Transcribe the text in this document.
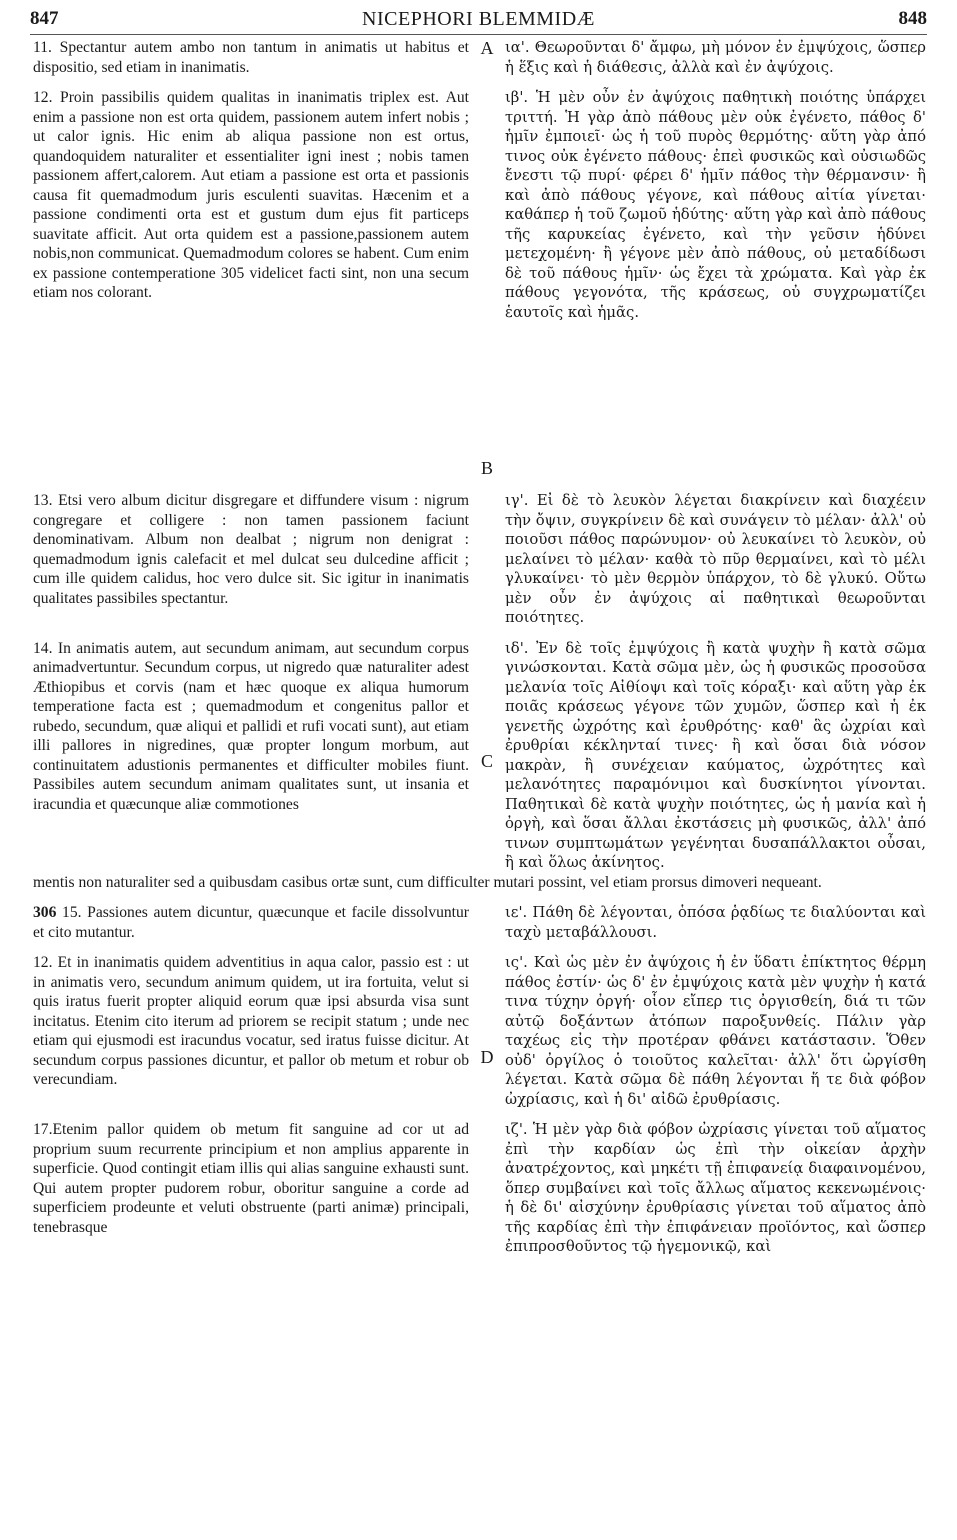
847	NICEPHORI BLEMMIDÆ	848
11. Spectantur autem ambo non tantum in animatis ut habitus et dispositio, sed etiam in inanimatis.
A ια'. Θεωροῦνται δ' ἄμφω, μὴ μόνον ἐν ἐμψύχοις, ὥσπερ ἡ ἕξις καὶ ἡ διάθεσις, ἀλλὰ καὶ ἐν ἀψύχοις.
12. Proin passibilis quidem qualitas in inanimatis triplex est. Aut enim a passione non est orta quidem, passionem autem infert nobis ; ut calor ignis. Hic enim ab aliqua passione non est ortus, quandoquidem naturaliter et essentialiter igni inest ; nobis tamen passionem affert,calorem. Aut etiam a passione est orta et passionis causa fit quemadmodum juris esculenti suavitas. Hæcenim et a passione condimenti orta est et gustum dum ejus fit particeps suavitate afficit. Aut orta quidem est a passione,passionem autem nobis,non communicat. Quemadmodum colores se habent. Cum enim ex passione contemperatione 305 videlicet facti sint, non una secum etiam nos colorant.
B
ιβ'. Ἡ μὲν οὖν ἐν ἀψύχοις παθητικὴ ποιότης ὑπάρχει τριττή. Ἡ γὰρ ἀπὸ πάθους μὲν οὐκ ἐγένετο, πάθος δ' ἡμῖν ἐμποιεῖ· ὡς ἡ τοῦ πυρὸς θερμότης· αὕτη γὰρ ἀπό τινος οὐκ ἐγένετο πάθους· ἐπεὶ φυσικῶς καὶ οὐσιωδῶς ἔνεστι τῷ πυρί· φέρει δ' ἡμῖν πάθος τὴν θέρμανσιν· ἢ καὶ ἀπὸ πάθους γέγονε, καὶ πάθους αἰτία γίνεται· καθάπερ ἡ τοῦ ζωμοῦ ἡδύτης· αὕτη γὰρ καὶ ἀπὸ πάθους τῆς καρυκείας ἐγένετο, καὶ τὴν γεῦσιν ἡδύνει μετεχομένη· ἢ γέγονε μὲν ἀπὸ πάθους, οὐ μεταδίδωσι δὲ τοῦ πάθους ἡμῖν· ὡς ἔχει τὰ χρώματα. Καὶ γὰρ ἐκ πάθους γεγονότα, τῆς κράσεως, οὐ συγχρωματίζει ἑαυτοῖς καὶ ἡμᾶς.
13. Etsi vero album dicitur disgregare et diffundere visum : nigrum congregare et colligere : non tamen passionem faciunt denominativam. Album non dealbat ; nigrum non denigrat : quemadmodum ignis calefacit et mel dulcat seu dulcedine afficit ; cum ille quidem calidus, hoc vero dulce sit. Sic igitur in inanimatis qualitates passibiles spectantur.
ιγ'. Εἰ δὲ τὸ λευκὸν λέγεται διακρίνειν καὶ διαχέειν τὴν ὄψιν, συγκρίνειν δὲ καὶ συνάγειν τὸ μέλαν· ἀλλ' οὐ ποιοῦσι πάθος παρώνυμον· οὐ λευκαίνει τὸ λευκὸν, οὐ μελαίνει τὸ μέλαν· καθὰ τὸ πῦρ θερμαίνει, καὶ τὸ μέλι γλυκαίνει· τὸ μὲν θερμὸν ὑπάρχον, τὸ δὲ γλυκύ. Οὕτω μὲν οὖν ἐν ἀψύχοις αἱ παθητικαὶ θεωροῦνται ποιότητες.
14. In animatis autem, aut secundum animam, aut secundum corpus animadvertuntur. Secundum corpus, ut nigredo quæ naturaliter adest Æthiopibus et corvis (nam et hæc quoque ex aliqua humorum temperatione facta est ; quemadmodum et congenitus pallor et rubedo, secundum, quæ aliqui et pallidi et rufi vocati sunt), aut etiam illi pallores in nigredines, quæ propter longum morbum, aut continuitatem adustionis permanentes et difficulter mobiles fiunt. Passibiles autem secundum animam qualitates sunt, ut insania et iracundia et quæcunque aliæ commotiones
C
ιδ'. Ἐν δὲ τοῖς ἐμψύχοις ἢ κατὰ ψυχὴν ἢ κατὰ σῶμα γινώσκονται. Κατὰ σῶμα μὲν, ὡς ἡ φυσικῶς προσοῦσα μελανία τοῖς Αἰθίοψι καὶ τοῖς κόραξι· καὶ αὕτη γὰρ ἐκ ποιᾶς κράσεως γέγονε τῶν χυμῶν, ὥσπερ καὶ ἡ ἐκ γενετῆς ὠχρότης καὶ ἐρυθρότης· καθ' ἃς ὠχρίαι καὶ ἐρυθρίαι κέκληνταί τινες· ἢ καὶ ὅσαι διὰ νόσον μακρὰν, ἢ συνέχειαν καύματος, ὠχρότητες καὶ μελανότητες παραμόνιμοι καὶ δυσκίνητοι γίνονται. Παθητικαὶ δὲ κατὰ ψυχὴν ποιότητες, ὡς ἡ μανία καὶ ἡ ὀργὴ, καὶ ὅσαι ἄλλαι ἐκστάσεις μὴ φυσικῶς, ἀλλ' ἀπό τινων συμπτωμάτων γεγένηται δυσαπάλλακτοι οὖσαι, ἢ καὶ ὅλως ἀκίνητος.
mentis non naturaliter sed a quibusdam casibus ortæ sunt, cum difficulter mutari possint, vel etiam prorsus dimoveri nequeant.
306 15. Passiones autem dicuntur, quæcunque et facile dissolvuntur et cito mutantur.
ιε'. Πάθη δὲ λέγονται, ὁπόσα ῥᾳδίως τε διαλύονται καὶ ταχὺ μεταβάλλουσι.
12. Et in inanimatis quidem adventitius in aqua calor, passio est : ut in animatis vero, secundum animum quidem, ut ira fortuita, velut si quis iratus fuerit propter aliquid eorum quæ ipsi absurda visa sunt incitatus. Etenim cito iterum ad priorem se recipit statum ; unde nec etiam qui ejusmodi est iracundus vocatur, sed iratus fuisse dicitur. At secundum corpus passiones dicuntur, et pallor ob metum et robur ob verecundiam.
D
ις'. Καὶ ὡς μὲν ἐν ἀψύχοις ἡ ἐν ὕδατι ἐπίκτητος θέρμη πάθος ἐστίν· ὡς δ' ἐν ἐμψύχοις κατὰ μὲν ψυχὴν ἡ κατά τινα τύχην ὀργή· οἷον εἴπερ τις ὀργισθείη, διά τι τῶν αὐτῷ δοξάντων ἀτόπων παροξυνθείς. Πάλιν γὰρ ταχέως εἰς τὴν προτέραν φθάνει κατάστασιν. Ὅθεν οὐδ' ὀργίλος ὁ τοιοῦτος καλεῖται· ἀλλ' ὅτι ὠργίσθη λέγεται. Κατὰ σῶμα δὲ πάθη λέγονται ἥ τε διὰ φόβον ὠχρίασις, καὶ ἡ δι' αἰδῶ ἐρυθρίασις.
17.Etenim pallor quidem ob metum fit sanguine ad cor ut ad proprium suum recurrente principium et non amplius apparente in superficie. Quod contingit etiam illis qui alias sanguine exhausti sunt. Qui autem propter pudorem robur, oboritur sanguine a corde ad superficiem prodeunte et veluti obstruente (parti animæ) principali, tenebrasque
ιζ'. Ἡ μὲν γὰρ διὰ φόβον ὠχρίασις γίνεται τοῦ αἵματος ἐπὶ τὴν καρδίαν ὡς ἐπὶ τὴν οἰκείαν ἀρχὴν ἀνατρέχοντος, καὶ μηκέτι τῇ ἐπιφανείᾳ διαφαινομένου, ὅπερ συμβαίνει καὶ τοῖς ἄλλως αἵματος κεκενωμένοις· ἡ δὲ δι' αἰσχύνην ἐρυθρίασις γίνεται τοῦ αἵματος ἀπὸ τῆς καρδίας ἐπὶ τὴν ἐπιφάνειαν προϊόντος, καὶ ὥσπερ ἐπιπροσθοῦντος τῷ ἡγεμονικῷ, καὶ
